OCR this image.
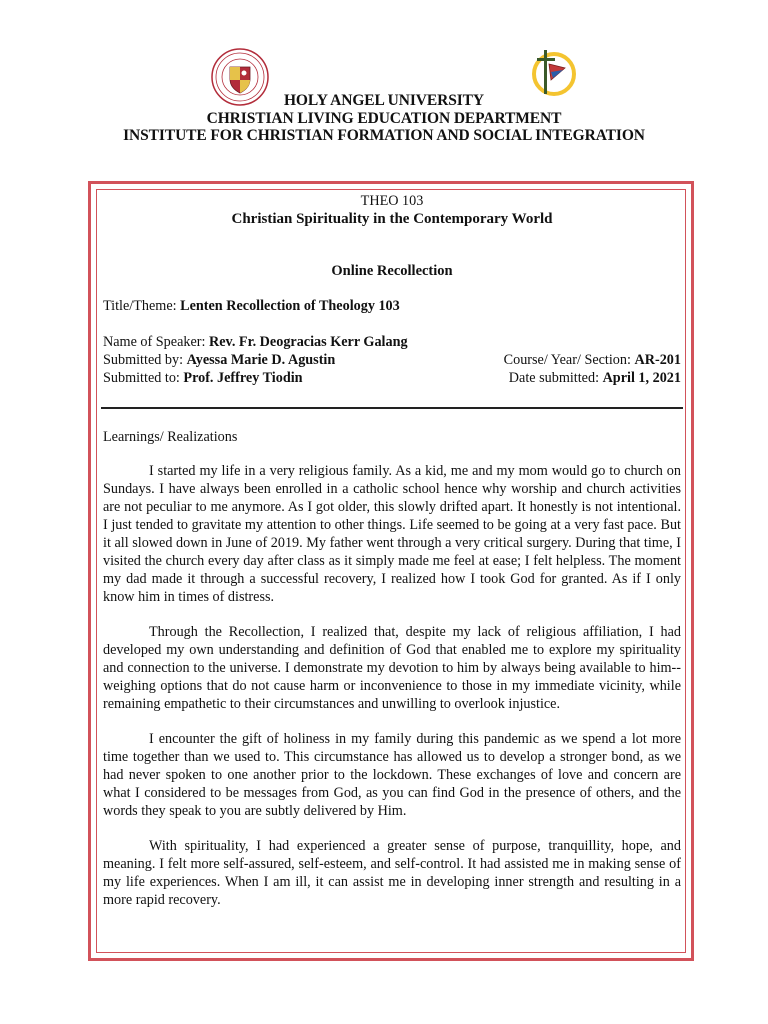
HOLY ANGEL UNIVERSITY
CHRISTIAN LIVING EDUCATION DEPARTMENT
INSTITUTE FOR CHRISTIAN FORMATION AND SOCIAL INTEGRATION
THEO 103
Christian Spirituality in the Contemporary World
Online Recollection
Title/Theme: Lenten Recollection of Theology 103
Name of Speaker: Rev. Fr. Deogracias Kerr Galang
Submitted by: Ayessa Marie D. Agustin	Course/ Year/ Section: AR-201
Submitted to: Prof. Jeffrey Tiodin	Date submitted: April 1, 2021
Learnings/ Realizations

I started my life in a very religious family. As a kid, me and my mom would go to church on Sundays. I have always been enrolled in a catholic school hence why worship and church activities are not peculiar to me anymore. As I got older, this slowly drifted apart. It honestly is not intentional. I just tended to gravitate my attention to other things. Life seemed to be going at a very fast pace. But it all slowed down in June of 2019. My father went through a very critical surgery. During that time, I visited the church every day after class as it simply made me feel at ease; I felt helpless. The moment my dad made it through a successful recovery, I realized how I took God for granted. As if I only know him in times of distress.

Through the Recollection, I realized that, despite my lack of religious affiliation, I had developed my own understanding and definition of God that enabled me to explore my spirituality and connection to the universe. I demonstrate my devotion to him by always being available to him--weighing options that do not cause harm or inconvenience to those in my immediate vicinity, while remaining empathetic to their circumstances and unwilling to overlook injustice.

I encounter the gift of holiness in my family during this pandemic as we spend a lot more time together than we used to. This circumstance has allowed us to develop a stronger bond, as we had never spoken to one another prior to the lockdown. These exchanges of love and concern are what I considered to be messages from God, as you can find God in the presence of others, and the words they speak to you are subtly delivered by Him.

With spirituality, I had experienced a greater sense of purpose, tranquillity, hope, and meaning. I felt more self-assured, self-esteem, and self-control. It had assisted me in making sense of my life experiences. When I am ill, it can assist me in developing inner strength and resulting in a more rapid recovery.
